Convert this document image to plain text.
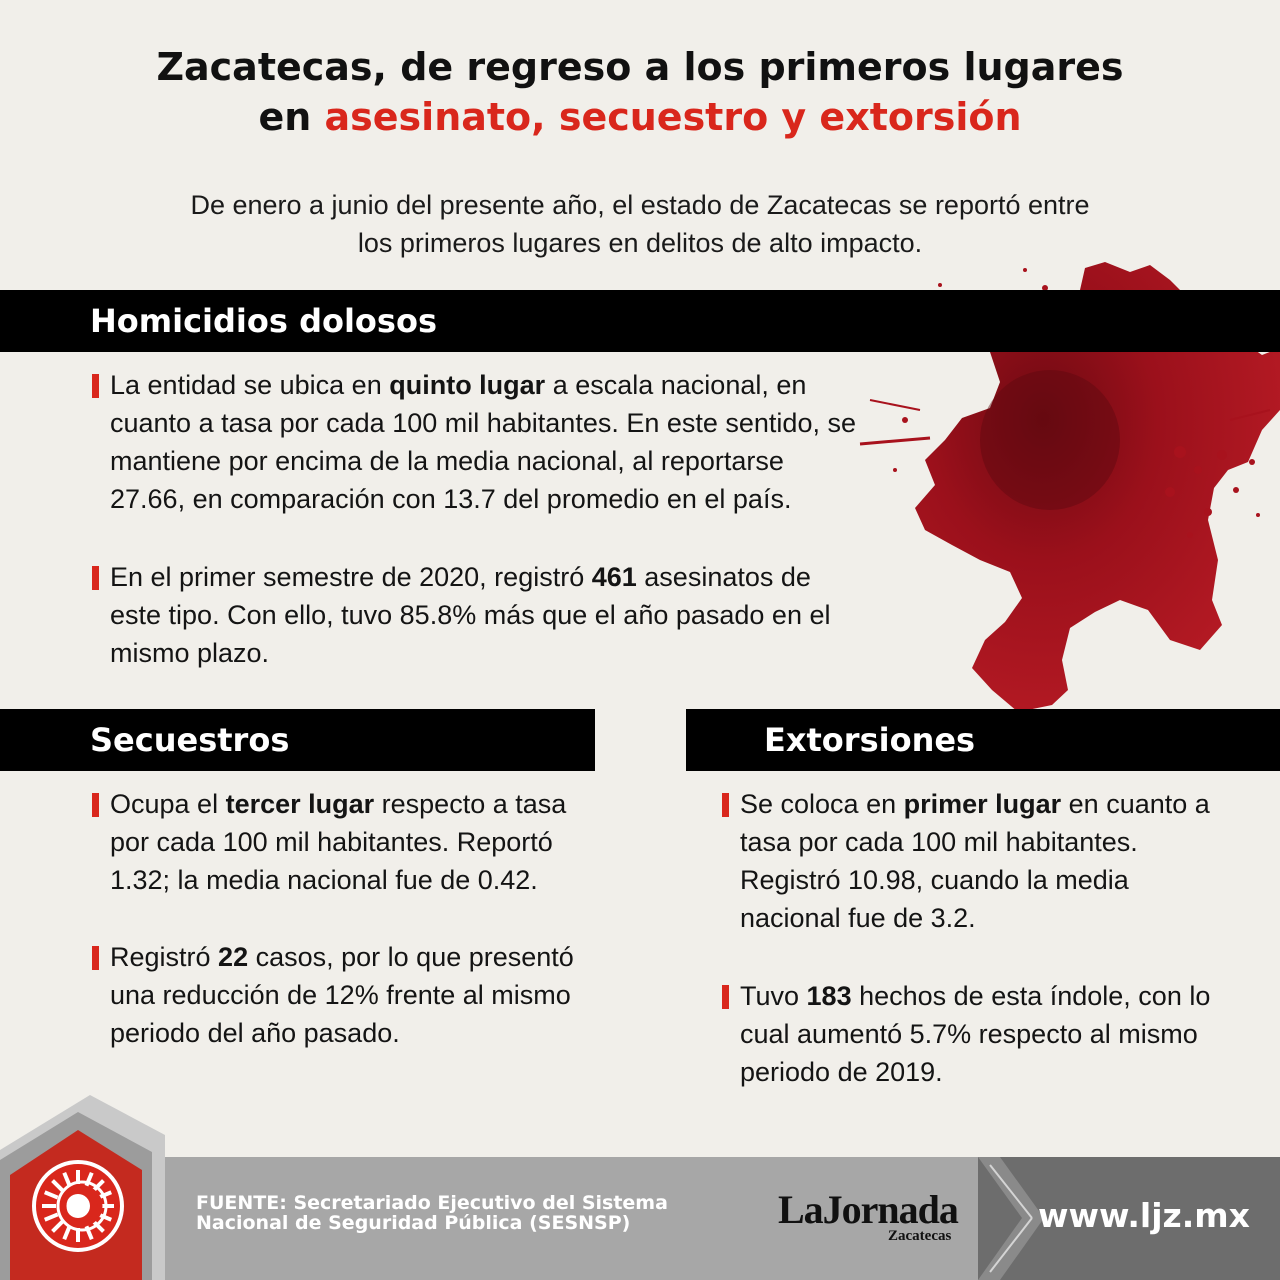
Zacatecas, de regreso a los primeros lugares
en asesinato, secuestro y extorsión
De enero a junio del presente año, el estado de Zacatecas se reportó entre
los primeros lugares en delitos de alto impacto.
Homicidios dolosos
La entidad se ubica en quinto lugar a escala nacional, en cuanto a tasa por cada 100 mil habitantes. En este sentido, se mantiene por encima de la media nacional, al reportarse 27.66, en comparación con 13.7 del promedio en el país.
En el primer semestre de 2020, registró 461 asesinatos de este tipo. Con ello, tuvo 85.8% más que el año pasado en el mismo plazo.
Secuestros	Extorsiones
Ocupa el tercer lugar respecto a tasa por cada 100 mil habitantes. Reportó 1.32; la media nacional fue de 0.42.
Registró 22 casos, por lo que presentó una reducción de 12% frente al mismo periodo del año pasado.
Se coloca en primer lugar en cuanto a tasa por cada 100 mil habitantes. Registró 10.98, cuando la media nacional fue de 3.2.
Tuvo 183 hechos de esta índole, con lo cual aumentó 5.7% respecto al mismo periodo de 2019.
FUENTE: Secretariado Ejecutivo del Sistema
Nacional de Seguridad Pública (SESNSP)	LaJornada
Zacatecas
www.ljz.mx
